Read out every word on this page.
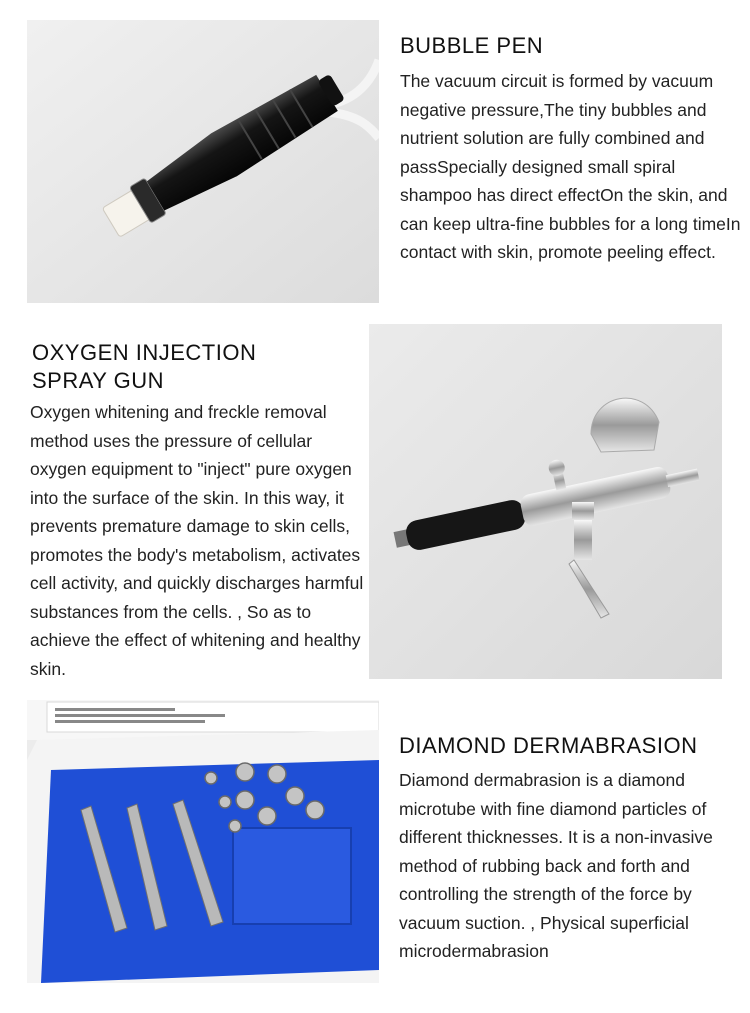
BUBBLE PEN

The vacuum circuit is formed by vacuum negative pressure,The tiny bubbles and nutrient solution are fully combined and passSpecially designed small spiral shampoo has direct effectOn the skin, and can keep ultra-fine bubbles for a long timeIn contact with skin, promote peeling effect.

OXYGEN INJECTION
SPRAY GUN

Oxygen whitening and freckle removal method uses the pressure of cellular oxygen equipment to "inject" pure oxygen into the surface of the skin. In this way, it prevents premature damage to skin cells, promotes the body's metabolism, activates cell activity, and quickly discharges harmful substances from the cells. , So as to achieve the effect of whitening and healthy skin.

DIAMOND DERMABRASION

Diamond dermabrasion is a diamond microtube with fine diamond particles of different thicknesses. It is a non-invasive method of rubbing back and forth and controlling the strength of the force by vacuum suction. , Physical superficial microdermabrasion
